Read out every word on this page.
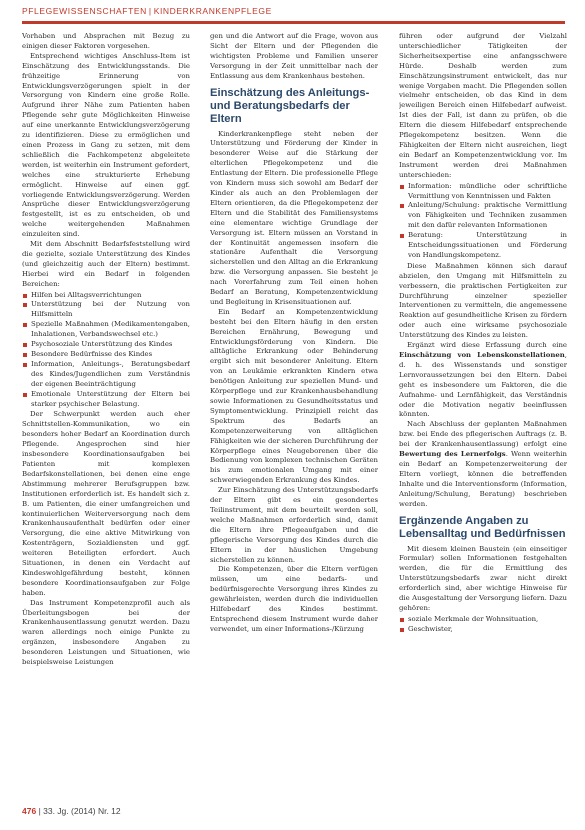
PFLEGEWISSENSCHAFTEN | KINDERKRANKENPFLEGE

Vorhaben und Absprachen mit Bezug zu einigen dieser Faktoren vorgesehen.

Entsprechend wichtiges Anschluss-Item ist Einschätzung des Entwicklungsstands. Die frühzeitige Erinnerung von Entwicklungsverzögerungen spielt in der Versorgung von Kindern eine große Rolle. Aufgrund ihrer Nähe zum Patienten haben Pflegende sehr gute Möglichkeiten Hinweise auf eine unerkannte Entwicklungsverzögerung zu identifizieren. Diese zu ermöglichen und einen Prozess in Gang zu setzen, mit dem schließlich die Fachkompetenz abgeleitete werden, ist weiterhin ein Instrument gefordert, welches eine strukturierte Erhebung ermöglicht. Hinweise auf einen ggf. vorliegende Entwicklungsverzögerung. Werden Ansprüche dieser Entwicklungsverzögerung festgestellt, ist es zu entscheiden, ob und welche weitergehenden Maßnahmen einzuleiten sind.

Mit dem Abschnitt Bedarfsfeststellung wird die gezielte, soziale Unterstützung des Kindes (und gleichzeitig auch der Eltern) bestimmt. Hierbei wird ein Bedarf in folgenden Bereichen:

Hilfen bei Alltagsverrichtungen
Unterstützung bei der Nutzung von Hilfsmitteln
Spezielle Maßnahmen (Medikamentengaben, Inhalationen, Verbandswechsel etc.)
Psychosoziale Unterstützung des Kindes
Besondere Bedürfnisse des Kindes
Information, Anleitungs-, Beratungsbedarf des Kindes/Jugendlichen zum Verständnis der eigenen Beeinträchtigung
Emotionale Unterstützung der Eltern bei starker psychischer Belastung.

Der Schwerpunkt werden auch eher Schnittstellen-Kommunikation, wo ein besonders hoher Bedarf an Koordination durch Pflegende. Angesprochen sind hier insbesondere Koordinationsaufgaben bei Patienten mit komplexen Bedarfskonstellationen, bei denen eine enge Abstimmung mehrerer Berufsgruppen bzw. Institutionen erforderlich ist. Es handelt sich z. B. um Patienten, die einer umfangreichen und kontinuierlichen Weiterversorgung nach dem Krankenhausaufenthalt bedürfen oder einer Versorgung, die eine aktive Mitwirkung von Kostenträgern, Sozialdiensten und ggf. weiteren Beteiligten erfordert. Auch Situationen, in denen ein Verdacht auf Kindeswohlgefährdung besteht, können besondere Koordinationsaufgaben zur Folge haben.

Das Instrument Kompetenzprofil auch als Überleitungsbogen bei der Krankenhausentlassung genutzt werden. Dazu waren allerdings noch einige Punkte zu ergänzen, insbesondere Angaben zu besonderen Leistungen und Situationen, wie beispielsweise Leistungen

gen und die Antwort auf die Frage, wovon aus Sicht der Eltern und der Pflegenden die wichtigsten Probleme und Familien unserer Versorgung in der Zeit unmittelbar nach der Entlassung aus dem Krankenhaus bestehen.

Einschätzung des Anleitungs- und Beratungsbedarfs der Eltern

Kinderkrankenpflege steht neben der Unterstützung und Förderung der Kinder in besonderer Weise auf die Stärkung der elterlichen Pflegekompetenz und die Entlastung der Eltern. Die professionelle Pflege von Kindern muss sich sowohl am Bedarf der Kinder als auch an den Problemlagen der Eltern orientieren, da die Pflegekompetenz der Eltern und die Stabilität des Familiensystems eine elementare wichtige Grundlage der Versorgung ist. Eltern müssen an Vorstand in der Kontinuität angemessen insofern die stationäre Aufenthalt die Versorgung sicherstellen und den Alltag an die Erkrankung bzw. die Versorgung anpassen. Sie besteht je nach Vorerfahrung zum Teil einen hohen Bedarf an Beratung, Kompetenzentwicklung und Begleitung in Krisensituationen auf.

Ein Bedarf an Kompetenzentwicklung besteht bei den Eltern häufig in den ersten Bereichen Ernährung, Bewegung und Entwicklungsförderung von Kindern. Die alltägliche Erkrankung oder Behinderung ergibt sich mit besonderer Anleitung. Eltern von an Leukämie erkrankten Kindern etwa benötigen Anleitung zur speziellen Mund- und Körperpflege und zur Krankenhausbehandlung sowie Informationen zu Gesundheitsstatus und Symptomentwicklung. Prinzipiell reicht das Spektrum des Bedarfs an Kompetenzerweiterung von alltäglichen Fähigkeiten wie der sicheren Durchführung der Körperpflege eines Neugeborenen über die Bedienung von komplexen technischen Geräten bis zum emotionalen Umgang mit einer schwerwiegenden Erkrankung des Kindes.

Zur Einschätzung des Unterstützungsbedarfs der Eltern gibt es ein gesondertes Teilinstrument, mit dem beurteilt werden soll, welche Maßnahmen erforderlich sind, damit die Eltern ihre Pflegeaufgaben und die pflegerische Versorgung des Kindes durch die Eltern in der häuslichen Umgebung sicherstellen zu können.

Die Kompetenzen, über die Eltern verfügen müssen, um eine bedarfs- und bedürfnisgerechte Versorgung ihres Kindes zu gewährleisten, werden durch die individuellen Hilfebedarf des Kindes bestimmt. Entsprechend diesem Instrument wurde daher verwendet, um einer Informations-/Kürzung

führen oder aufgrund der Vielzahl unterschiedlicher Tätigkeiten der Sicherheitsexpertise eine anfangsschwere Hürde. Deshalb werden zum Einschätzungsinstrument entwickelt, das nur wenige Vorgaben macht. Die Pflegenden sollen vielmehr entscheiden, ob das Kind in dem jeweiligen Bereich einen Hilfebedarf aufweist. Ist dies der Fall, ist dann zu prüfen, ob die Eltern die diesem Hilfebedarf entsprechende Pflegekompetenz besitzen. Wenn die Fähigkeiten der Eltern nicht ausreichen, liegt ein Bedarf an Kompetenzentwicklung vor. Im Instrument werden drei Maßnahmen unterschieden:

Information: mündliche oder schriftliche Vermittlung von Kenntnissen und Fakten
Anleitung/Schulung: praktische Vermittlung von Fähigkeiten und Techniken zusammen mit den dafür relevanten Informationen
Beratung: Unterstützung in Entscheidungssituationen und Förderung von Handlungskompetenz.

Diese Maßnahmen können sich darauf abzielen, den Umgang mit Hilfsmitteln zu verbessern, die praktischen Fertigkeiten zur Durchführung einzelner spezieller Interventionen zu vermitteln, die angemessene Reaktion auf gesundheitliche Krisen zu fördern oder auch eine wirksame psychosoziale Unterstützung des Kindes zu leisten.

Ergänzt wird diese Erfassung durch eine Einschätzung von Lebenskonstellationen, d. h. des Wissenstands und sonstiger Lernvoraussetzungen bei den Eltern. Dabei geht es insbesondere um Faktoren, die die Aufnahme- und Lernfähigkeit, das Verständnis oder die Motivation negativ beeinflussen könnten.

Nach Abschluss der geplanten Maßnahmen bzw. bei Ende des pflegerischen Auftrags (z. B. bei der Krankenhausentlassung) erfolgt eine Bewertung des Lernerfolgs. Wenn weiterhin ein Bedarf an Kompetenzerweiterung der Eltern vorliegt, können die betreffenden Inhalte und die Interventionsform (Information, Anleitung/Schulung, Beratung) beschrieben werden.

Ergänzende Angaben zu Lebensalltag und Bedürfnissen

Mit diesem kleinen Baustein (ein einseitiger Formular) sollen Informationen festgehalten werden, die für die Ermittlung des Unterstützungsbedarfs zwar nicht direkt erforderlich sind, aber wichtige Hinweise für die Ausgestaltung der Versorgung liefern. Dazu gehören:

soziale Merkmale der Wohnsituation,
Geschwister,
476 | 33. Jg. (2014) Nr. 12
